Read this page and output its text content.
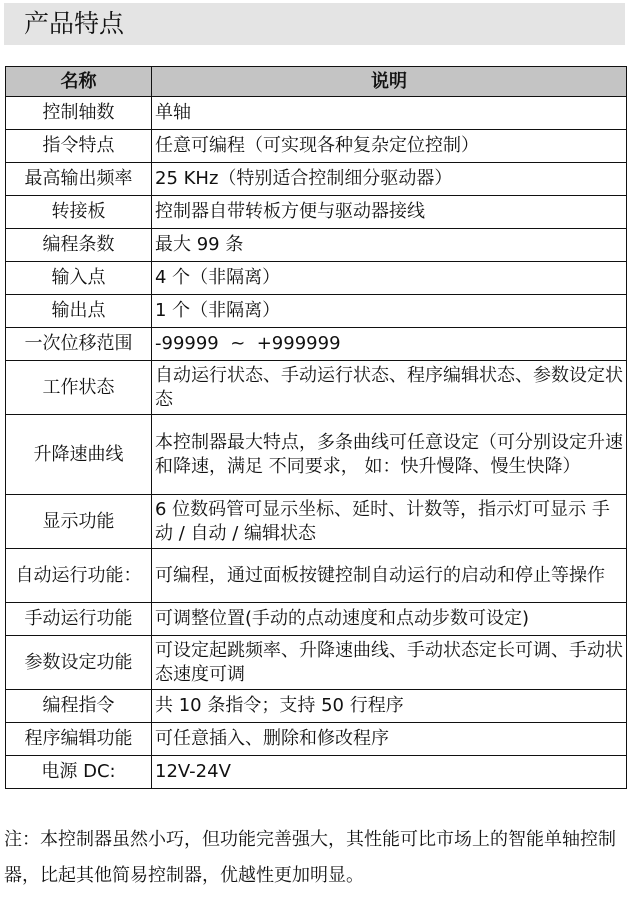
产品特点
名称	说明
控制轴数	单轴
指令特点	任意可编程（可实现各种复杂定位控制）
最高输出频率	25 KHz（特别适合控制细分驱动器）
转接板	控制器自带转板方便与驱动器接线
编程条数	最大 99 条
输入点	4 个（非隔离）
输出点	1 个（非隔离）
一次位移范围	-99999  ~  +999999
工作状态	自动运行状态、手动运行状态、程序编辑状态、参数设定状态
升降速曲线	本控制器最大特点，多条曲线可任意设定（可分别设定升速和降速，满足 不同要求， 如：快升慢降、慢生快降）
显示功能	6 位数码管可显示坐标、延时、计数等，指示灯可显示 手动 / 自动 / 编辑状态
自动运行功能：	可编程，通过面板按键控制自动运行的启动和停止等操作
手动运行功能	可调整位置(手动的点动速度和点动步数可设定)
参数设定功能	可设定起跳频率、升降速曲线、手动状态定长可调、手动状态速度可调
编程指令	共 10 条指令；支持 50 行程序
程序编辑功能	可任意插入、删除和修改程序
电源 DC:	12V-24V
注：本控制器虽然小巧，但功能完善强大，其性能可比市场上的智能单轴控制器，比起其他简易控制器，优越性更加明显。
